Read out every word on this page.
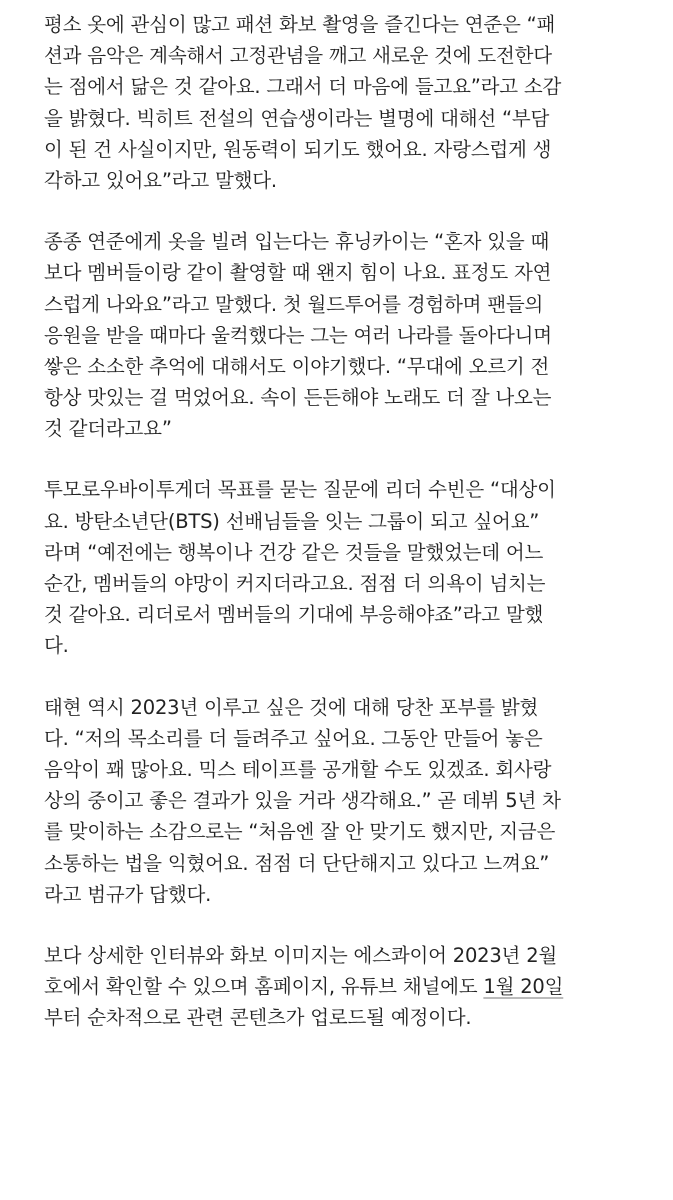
평소 옷에 관심이 많고 패션 화보 촬영을 즐긴다는 연준은 “패
션과 음악은 계속해서 고정관념을 깨고 새로운 것에 도전한다
는 점에서 닮은 것 같아요. 그래서 더 마음에 들고요”라고 소감
을 밝혔다. 빅히트 전설의 연습생이라는 별명에 대해선 “부담
이 된 건 사실이지만, 원동력이 되기도 했어요. 자랑스럽게 생
각하고 있어요”라고 말했다.

종종 연준에게 옷을 빌려 입는다는 휴닝카이는 “혼자 있을 때
보다 멤버들이랑 같이 촬영할 때 왠지 힘이 나요. 표정도 자연
스럽게 나와요”라고 말했다. 첫 월드투어를 경험하며 팬들의
응원을 받을 때마다 울컥했다는 그는 여러 나라를 돌아다니며
쌓은 소소한 추억에 대해서도 이야기했다. “무대에 오르기 전
항상 맛있는 걸 먹었어요. 속이 든든해야 노래도 더 잘 나오는
것 같더라고요”

투모로우바이투게더 목표를 묻는 질문에 리더 수빈은 “대상이
요. 방탄소년단(BTS) 선배님들을 잇는 그룹이 되고 싶어요”
라며 “예전에는 행복이나 건강 같은 것들을 말했었는데 어느
순간, 멤버들의 야망이 커지더라고요. 점점 더 의욕이 넘치는
것 같아요. 리더로서 멤버들의 기대에 부응해야죠”라고 말했
다.

태현 역시 2023년 이루고 싶은 것에 대해 당찬 포부를 밝혔
다. “저의 목소리를 더 들려주고 싶어요. 그동안 만들어 놓은
음악이 꽤 많아요. 믹스 테이프를 공개할 수도 있겠죠. 회사랑
상의 중이고 좋은 결과가 있을 거라 생각해요.” 곧 데뷔 5년 차
를 맞이하는 소감으로는 “처음엔 잘 안 맞기도 했지만, 지금은
소통하는 법을 익혔어요. 점점 더 단단해지고 있다고 느껴요”
라고 범규가 답했다.

보다 상세한 인터뷰와 화보 이미지는 에스콰이어 2023년 2월
호에서 확인할 수 있으며 홈페이지, 유튜브 채널에도 1월 20일
부터 순차적으로 관련 콘텐츠가 업로드될 예정이다.
